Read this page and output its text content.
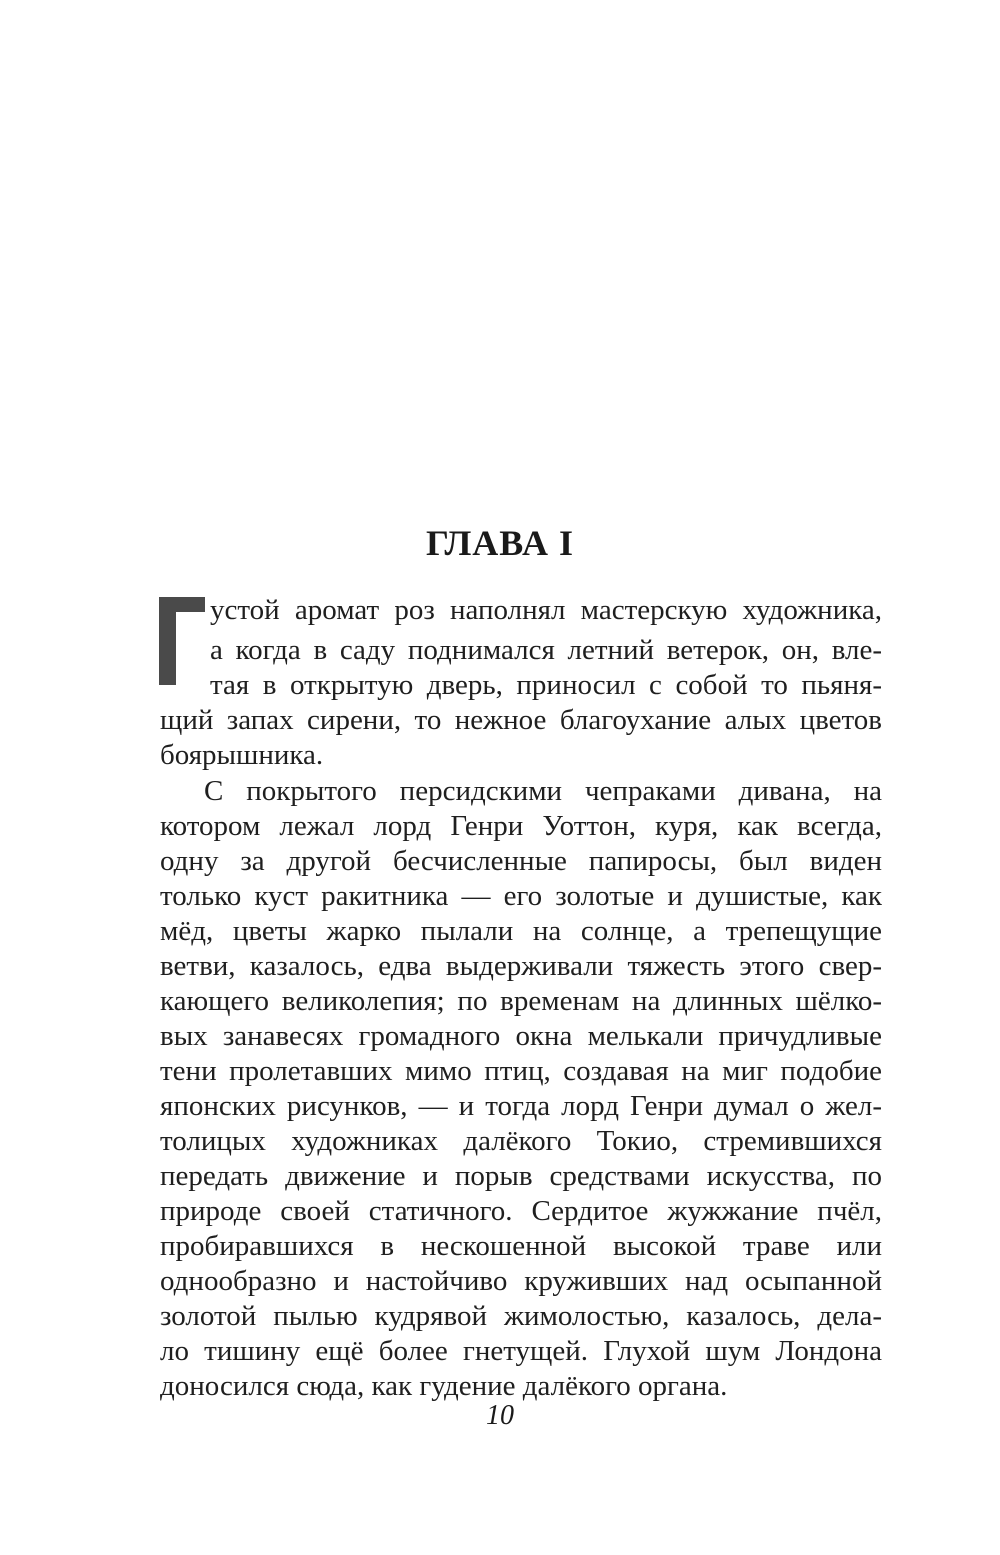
ГЛАВА I

устой аромат роз наполнял мастерскую художника,

а когда в саду поднимался летний ветерок, он, вле-

тая в открытую дверь, приносил с собой то пьяня-

щий запах сирени, то нежное благоухание алых цветов

боярышника.

С покрытого персидскими чепраками дивана, на

котором лежал лорд Генри Уоттон, куря, как всегда,

одну за другой бесчисленные папиросы, был виден

только куст ракитника — его золотые и душистые, как

мёд, цветы жарко пылали на солнце, а трепещущие

ветви, казалось, едва выдерживали тяжесть этого свер-

кающего великолепия; по временам на длинных шёлко-

вых занавесях громадного окна мелькали причудливые

тени пролетавших мимо птиц, создавая на миг подобие

японских рисунков, — и тогда лорд Генри думал о жел-

толицых художниках далёкого Токио, стремившихся

передать движение и порыв средствами искусства, по

природе своей статичного. Сердитое жужжание пчёл,

пробиравшихся в нескошенной высокой траве или

однообразно и настойчиво круживших над осыпанной

золотой пылью кудрявой жимолостью, казалось, дела-

ло тишину ещё более гнетущей. Глухой шум Лондона

доносился сюда, как гудение далёкого органа.

10
